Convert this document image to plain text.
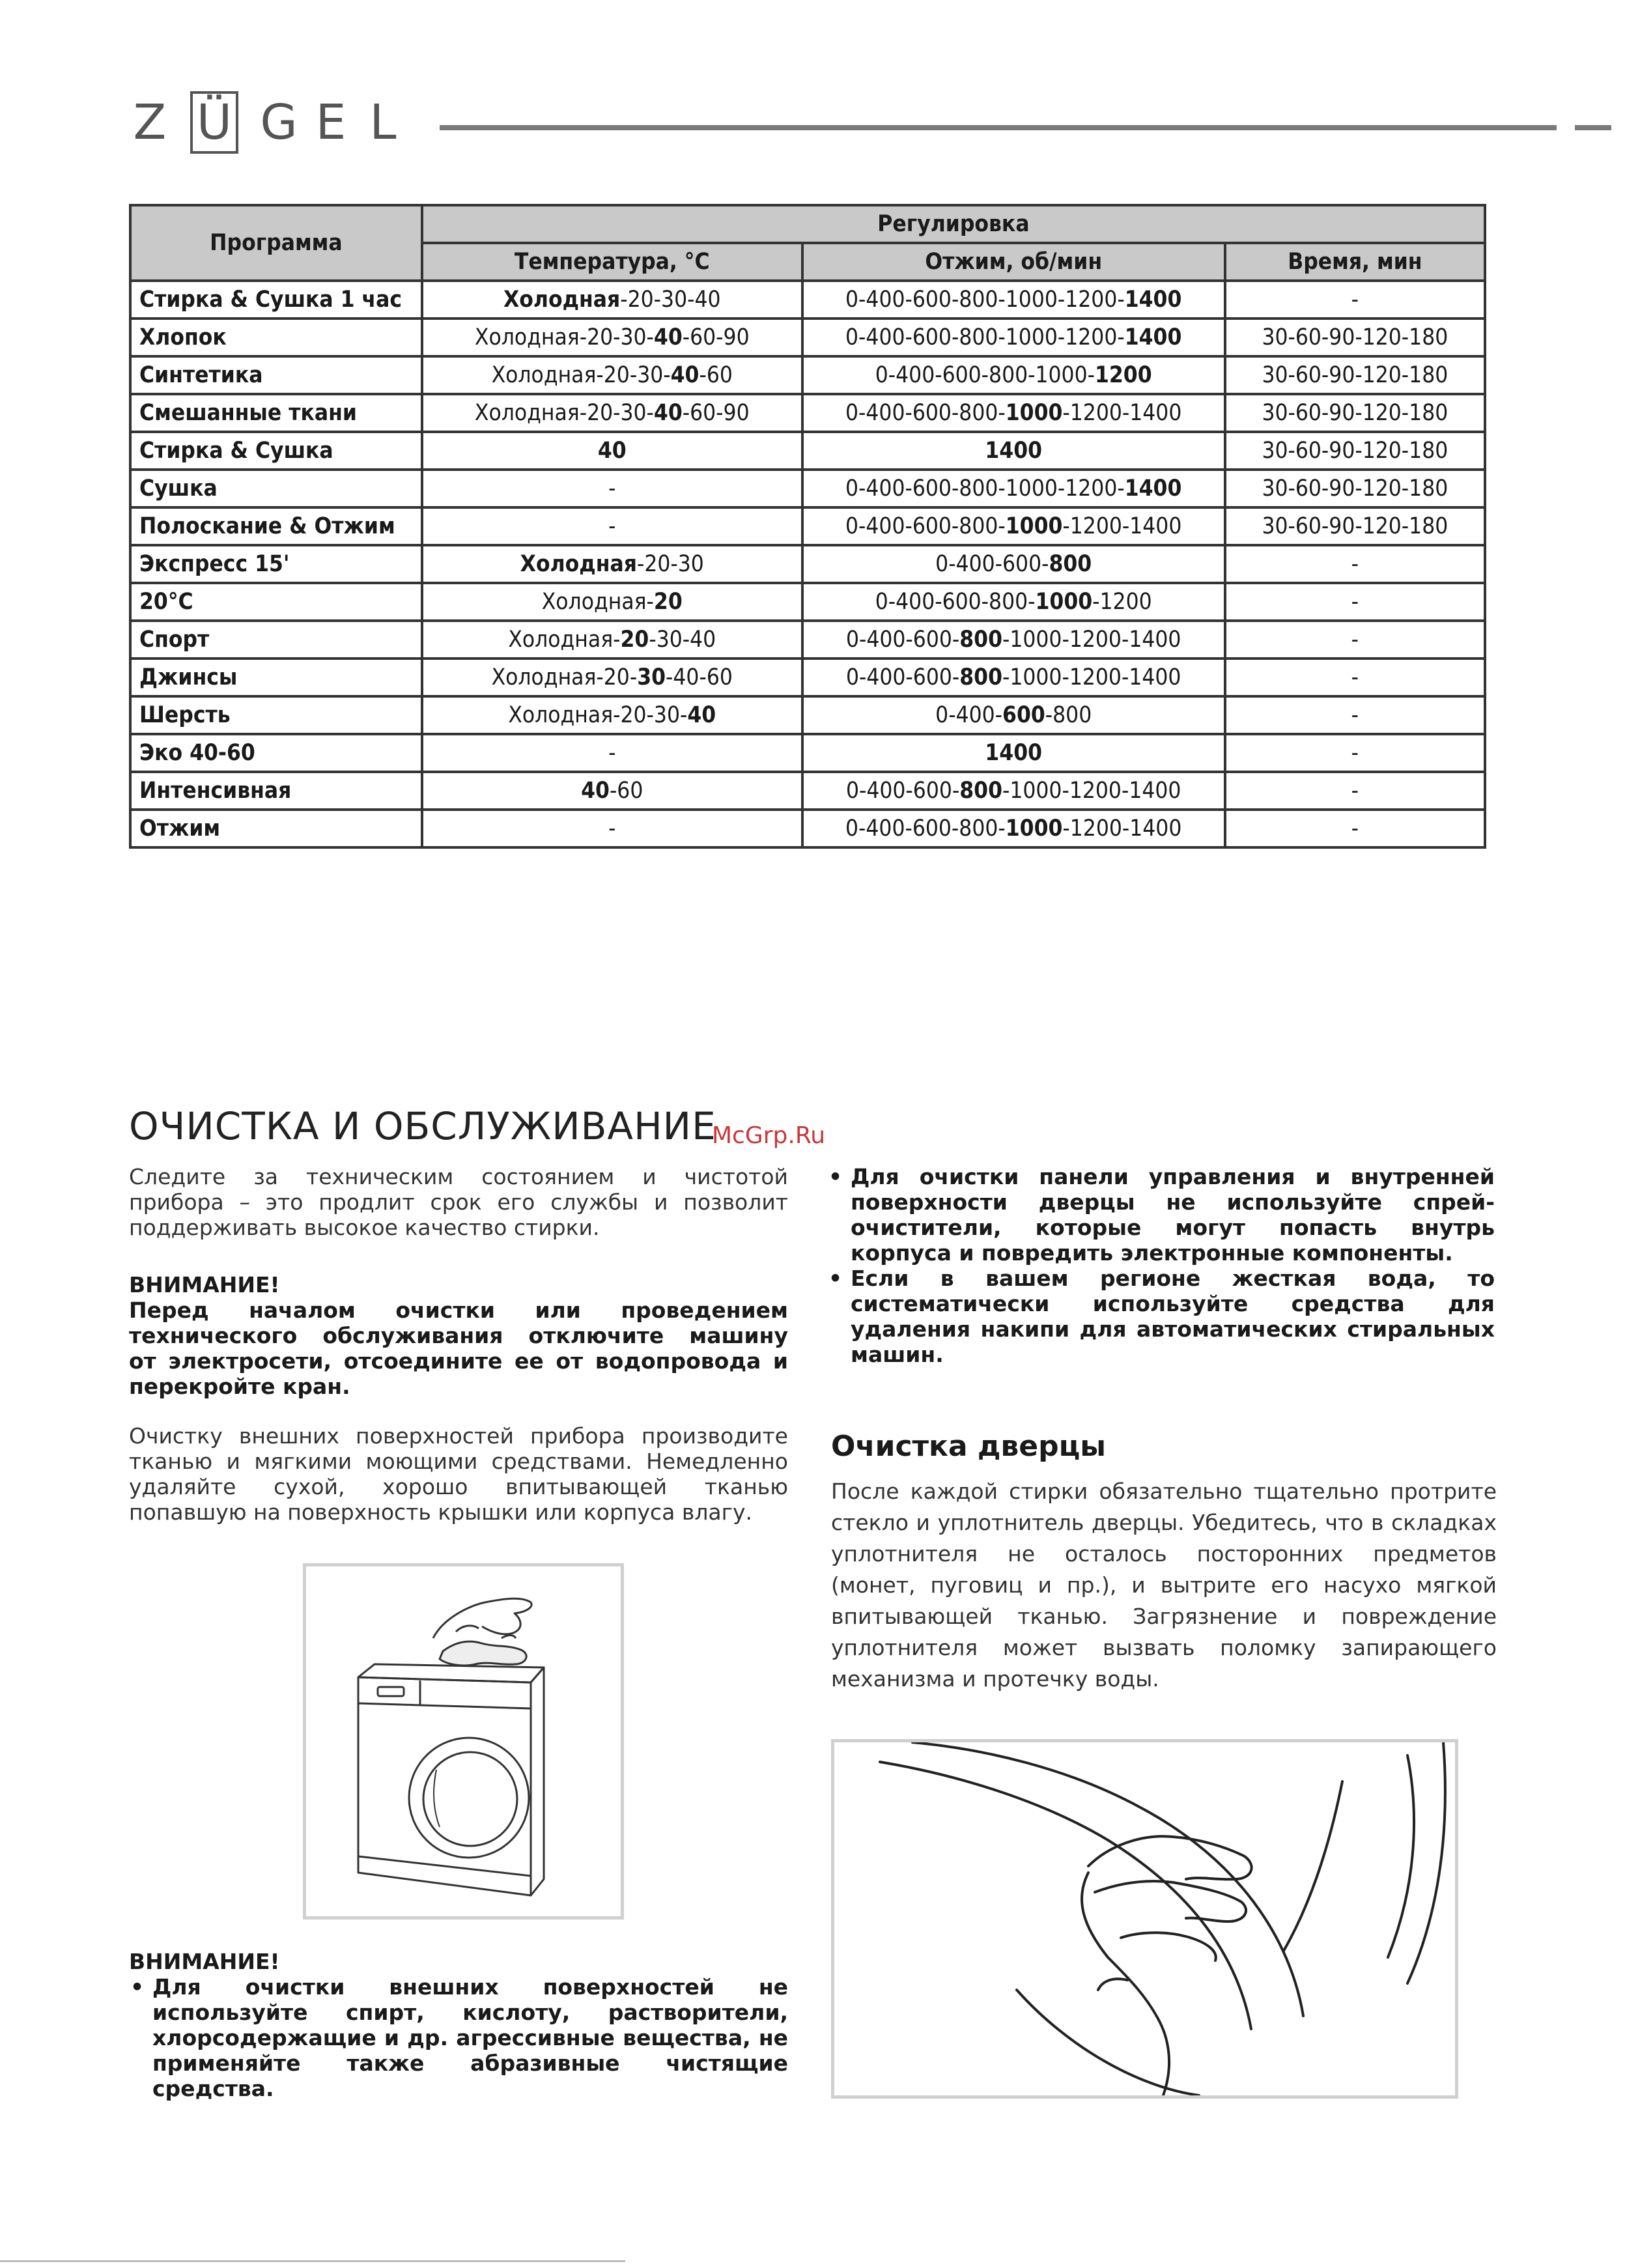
Z Ü G E L
Программа	Регулировка		
	Температура, °С	Отжим, об/мин	Время, мин
Стирка & Сушка 1 час	Холодная-20-30-40	0-400-600-800-1000-1200-1400	-
Хлопок	Холодная-20-30-40-60-90	0-400-600-800-1000-1200-1400	30-60-90-120-180
Синтетика	Холодная-20-30-40-60	0-400-600-800-1000-1200	30-60-90-120-180
Смешанные ткани	Холодная-20-30-40-60-90	0-400-600-800-1000-1200-1400	30-60-90-120-180
Стирка & Сушка	40	1400	30-60-90-120-180
Сушка	-	0-400-600-800-1000-1200-1400	30-60-90-120-180
Полоскание & Отжим	-	0-400-600-800-1000-1200-1400	30-60-90-120-180
Экспресс 15'	Холодная-20-30	0-400-600-800	-
20°С	Холодная-20	0-400-600-800-1000-1200	-
Спорт	Холодная-20-30-40	0-400-600-800-1000-1200-1400	-
Джинсы	Холодная-20-30-40-60	0-400-600-800-1000-1200-1400	-
Шерсть	Холодная-20-30-40	0-400-600-800	-
Эко 40-60	-	1400	-
Интенсивная	40-60	0-400-600-800-1000-1200-1400	-
Отжим	-	0-400-600-800-1000-1200-1400	-
ОЧИСТКА И ОБСЛУЖИВАНИЕ
McGrp.Ru

Следите за техническим состоянием и чистотой
прибора – это продлит срок его службы и позволит
поддерживать высокое качество стирки.

ВНИМАНИЕ!

Перед началом очистки или проведением
технического обслуживания отключите машину
от электросети, отсоедините ее от водопровода и
перекройте кран.

Очистку внешних поверхностей прибора производите
тканью и мягкими моющими средствами. Немедленно
удаляйте сухой, хорошо впитывающей тканью
попавшую на поверхность крышки или корпуса влагу.

ВНИМАНИЕ!
• Для очистки внешних поверхностей не используйте спирт, кислоту, растворители, хлорсодержащие и др. агрессивные вещества, не применяйте также абразивные чистящие средства.
• Для очистки панели управления и внутренней поверхности дверцы не используйте спрей-очистители, которые могут попасть внутрь корпуса и повредить электронные компоненты.
• Если в вашем регионе жесткая вода, то систематически используйте средства для удаления накипи для автоматических стиральных машин.
Очистка дверцы

После каждой стирки обязательно тщательно протрите
стекло и уплотнитель дверцы. Убедитесь, что в складках
уплотнителя не осталось посторонних предметов
(монет, пуговиц и пр.), и вытрите его насухо мягкой
впитывающей тканью. Загрязнение и повреждение
уплотнителя может вызвать поломку запирающего
механизма и протечку воды.
